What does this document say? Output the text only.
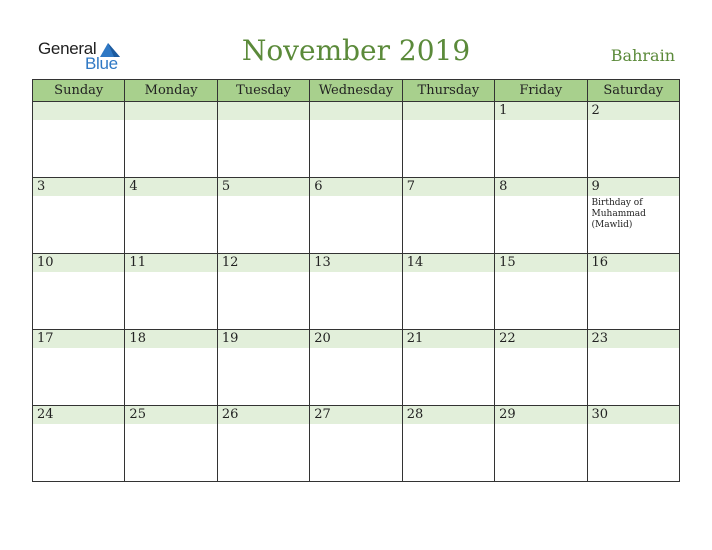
General
Blue	November 2019	Bahrain
Sunday	Monday	Tuesday	Wednesday	Thursday	Friday	Saturday

					1	2

3	4	5	6	7	8	9
Birthday of Muhammad (Mawlid)

10	11	12	13	14	15	16

17	18	19	20	21	22	23

24	25	26	27	28	29	30
